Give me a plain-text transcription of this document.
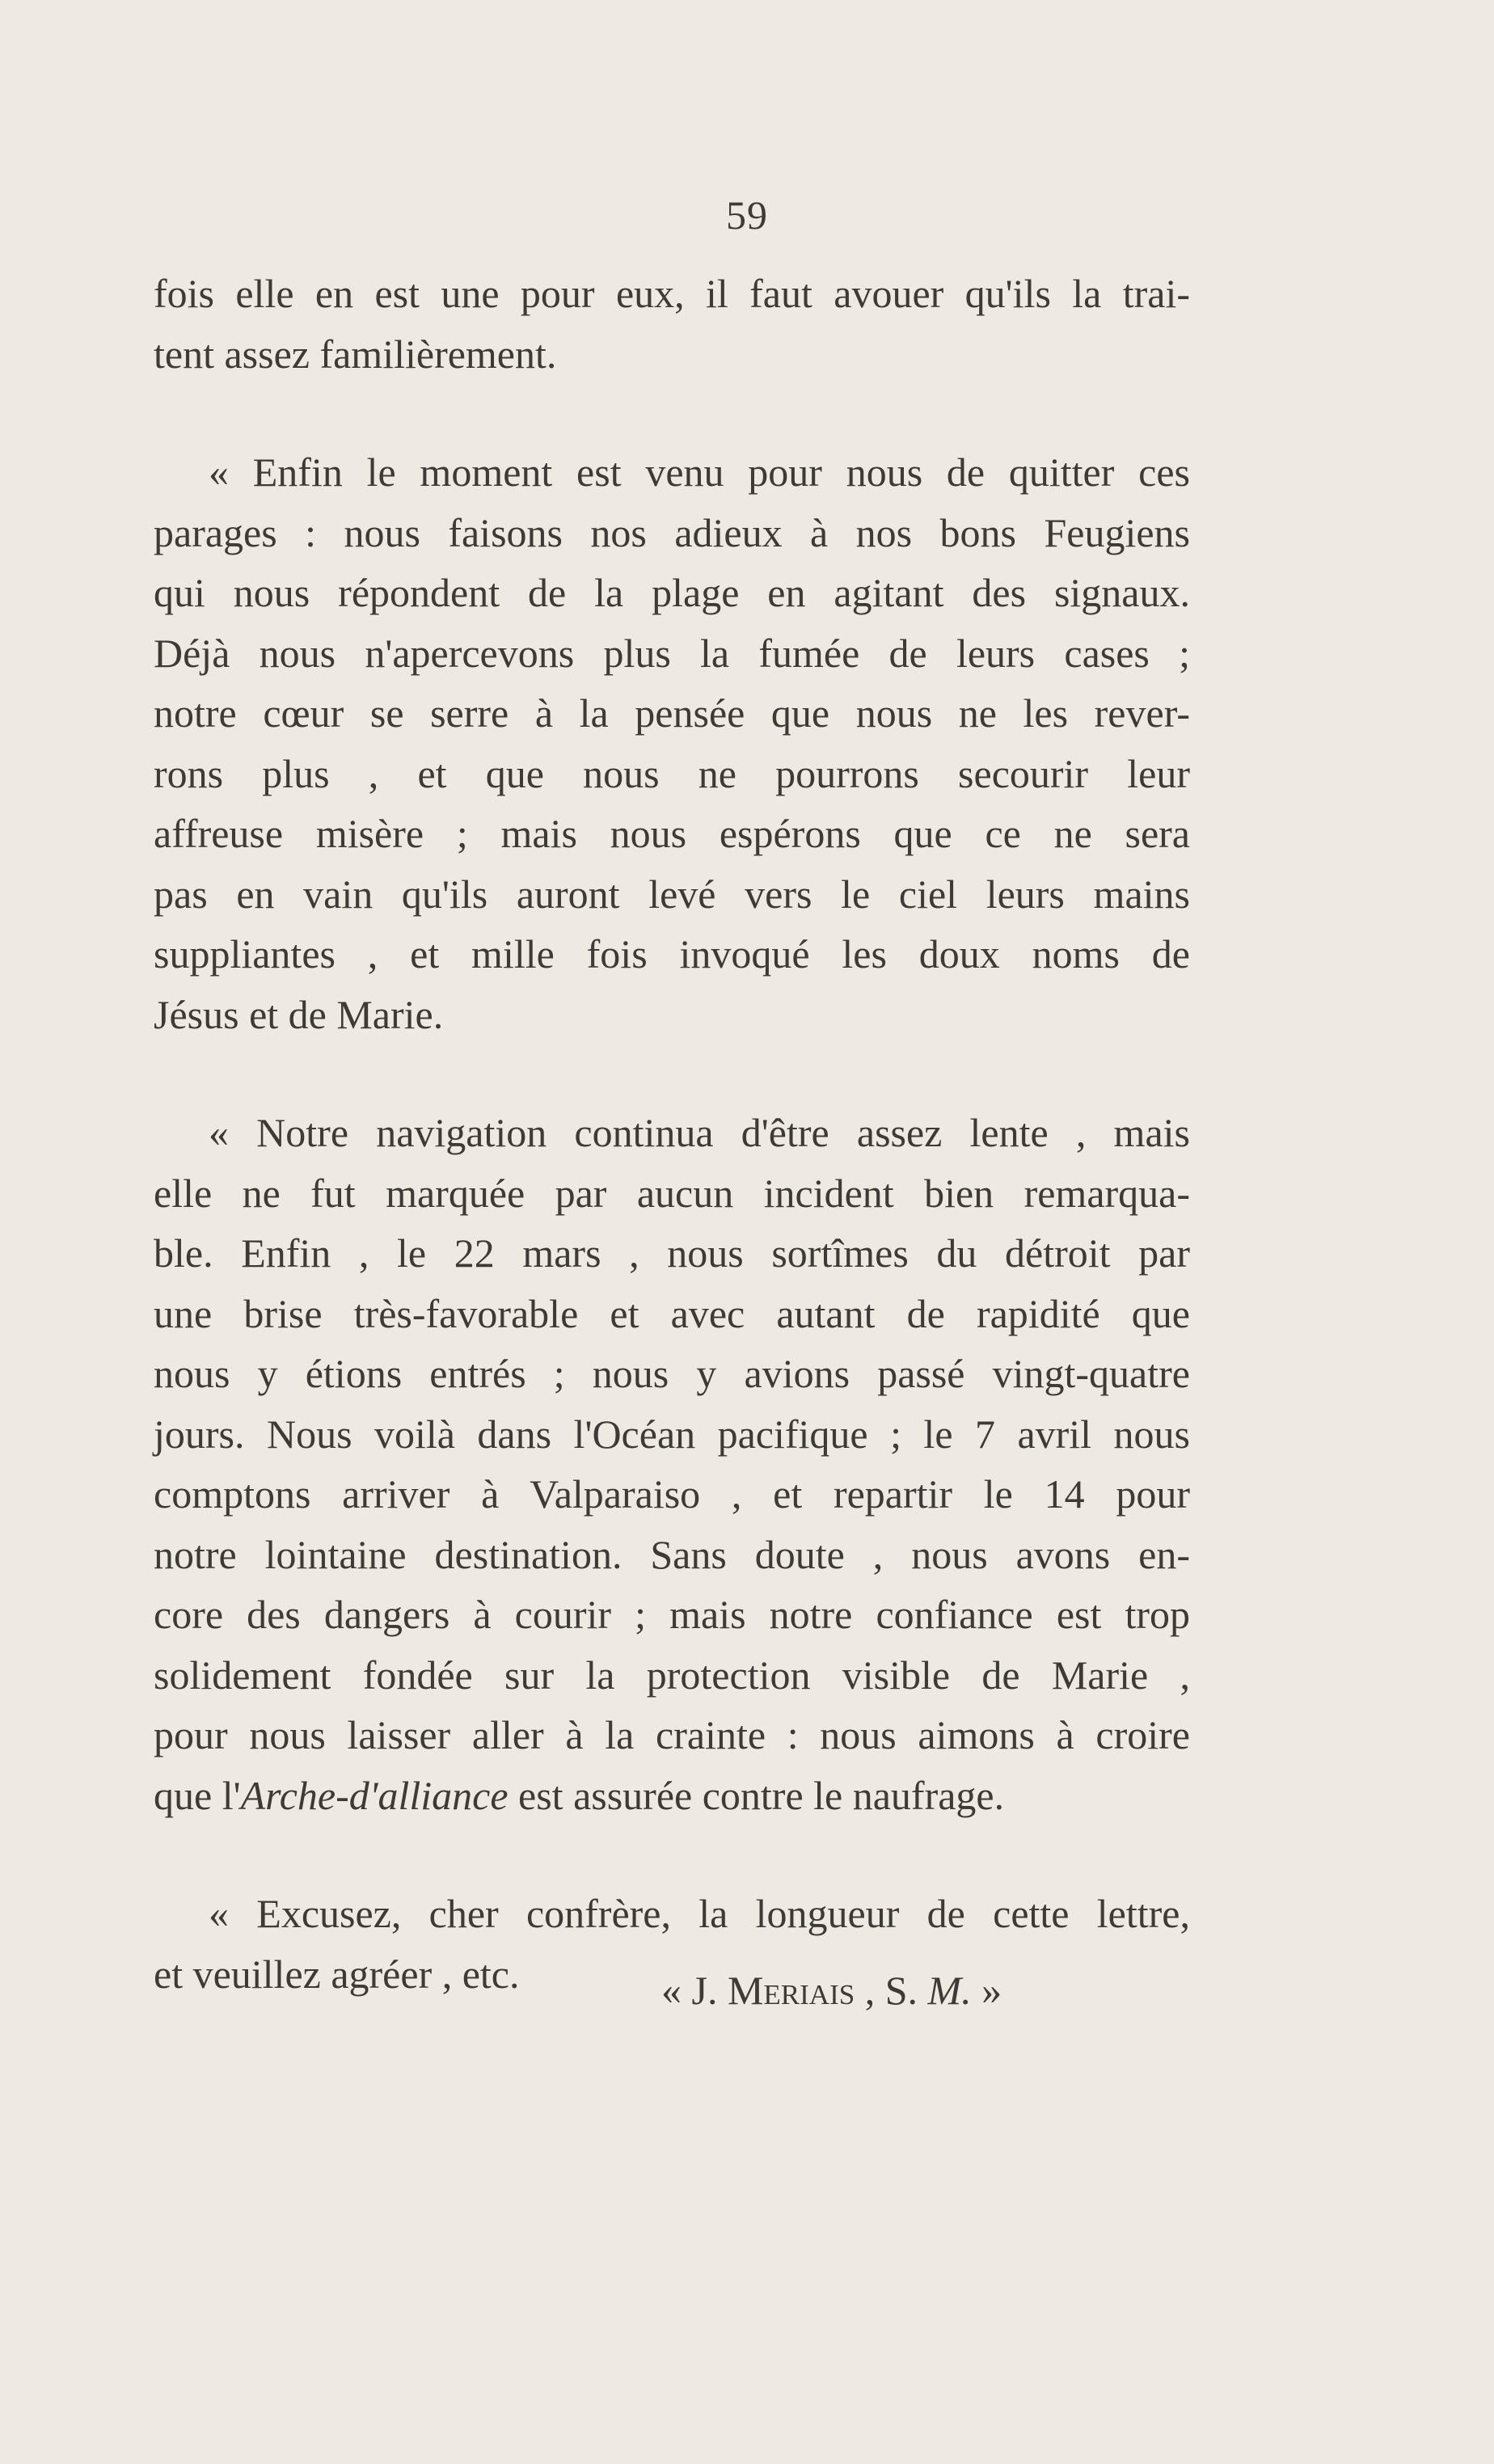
59
fois elle en est une pour eux, il faut avouer qu'ils la trai-
tent assez familièrement.
« Enfin le moment est venu pour nous de quitter ces
parages : nous faisons nos adieux à nos bons Feugiens
qui nous répondent de la plage en agitant des signaux.
Déjà nous n'apercevons plus la fumée de leurs cases ;
notre cœur se serre à la pensée que nous ne les rever-
rons plus , et que nous ne pourrons secourir leur
affreuse misère ; mais nous espérons que ce ne sera
pas en vain qu'ils auront levé vers le ciel leurs mains
suppliantes , et mille fois invoqué les doux noms de
Jésus et de Marie.
« Notre navigation continua d'être assez lente , mais
elle ne fut marquée par aucun incident bien remarqua-
ble. Enfin , le 22 mars , nous sortîmes du détroit par
une brise très-favorable et avec autant de rapidité que
nous y étions entrés ; nous y avions passé vingt-quatre
jours. Nous voilà dans l'Océan pacifique ; le 7 avril nous
comptons arriver à Valparaiso , et repartir le 14 pour
notre lointaine destination. Sans doute , nous avons en-
core des dangers à courir ; mais notre confiance est trop
solidement fondée sur la protection visible de Marie ,
pour nous laisser aller à la crainte : nous aimons à croire
que l'Arche-d'alliance est assurée contre le naufrage.
« Excusez, cher confrère, la longueur de cette lettre,
et veuillez agréer , etc.	« J. Meriais , S. M. »
